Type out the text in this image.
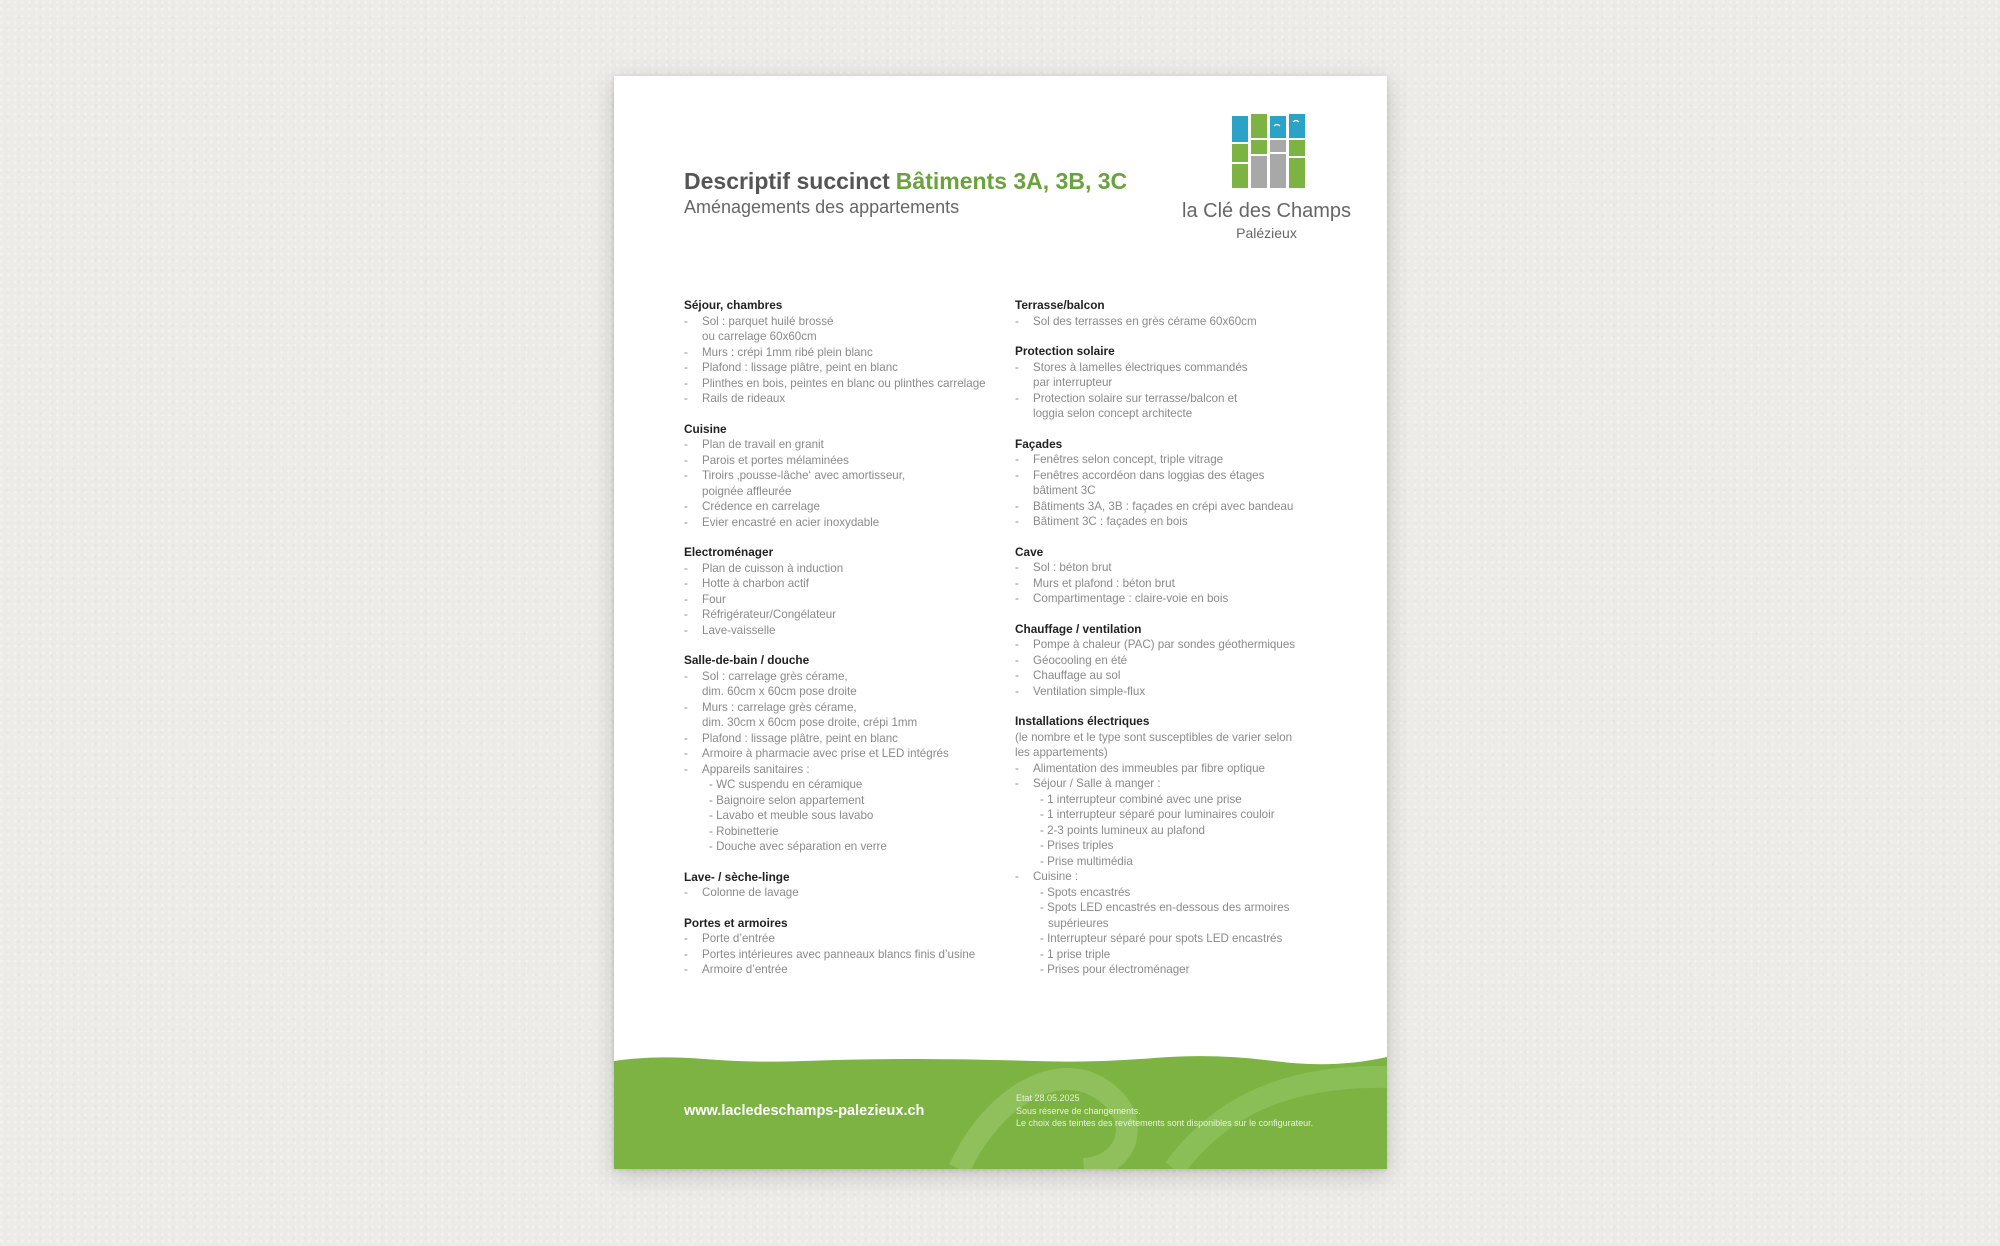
Descriptif succinct Bâtiments 3A, 3B, 3C
Aménagements des appartements	la Clé des Champs
Palézieux
Séjour, chambres
- Sol : parquet huilé brossé
ou carrelage 60x60cm
- Murs : crépi 1mm ribé plein blanc
- Plafond : lissage plâtre, peint en blanc
- Plinthes en bois, peintes en blanc ou plinthes carrelage
- Rails de rideaux
Cuisine
- Plan de travail en granit
- Parois et portes mélaminées
- Tiroirs ‚pousse-lâche‘ avec amortisseur,
poignée affleurée
- Crédence en carrelage
- Evier encastré en acier inoxydable
Electroménager
- Plan de cuisson à induction
- Hotte à charbon actif
- Four
- Réfrigérateur/Congélateur
- Lave-vaisselle
Salle-de-bain / douche
- Sol : carrelage grès cérame,
dim. 60cm x 60cm pose droite
- Murs : carrelage grès cérame,
dim. 30cm x 60cm pose droite, crépi 1mm
- Plafond : lissage plâtre, peint en blanc
- Armoire à pharmacie avec prise et LED intégrés
- Appareils sanitaires :
- WC suspendu en céramique
- Baignoire selon appartement
- Lavabo et meuble sous lavabo
- Robinetterie
- Douche avec séparation en verre
Lave- / sèche-linge
- Colonne de lavage
Portes et armoires
- Porte d’entrée
- Portes intérieures avec panneaux blancs finis d’usine
- Armoire d’entrée
Terrasse/balcon
- Sol des terrasses en grès cérame 60x60cm
Protection solaire
- Stores à lamelles électriques commandés
par interrupteur
- Protection solaire sur terrasse/balcon et
loggia selon concept architecte
Façades
- Fenêtres selon concept, triple vitrage
- Fenêtres accordéon dans loggias des étages
bâtiment 3C
- Bâtiments 3A, 3B : façades en crépi avec bandeau
- Bâtiment 3C : façades en bois
Cave
- Sol : béton brut
- Murs et plafond : béton brut
- Compartimentage : claire-voie en bois
Chauffage / ventilation
- Pompe à chaleur (PAC) par sondes géothermiques
- Géocooling en été
- Chauffage au sol
- Ventilation simple-flux
Installations électriques
(le nombre et le type sont susceptibles de varier selon
les appartements)
- Alimentation des immeubles par fibre optique
- Séjour / Salle à manger :
- 1 interrupteur combiné avec une prise
- 1 interrupteur séparé pour luminaires couloir
- 2-3 points lumineux au plafond
- Prises triples
- Prise multimédia
- Cuisine :
- Spots encastrés
- Spots LED encastrés en-dessous des armoires
supérieures
- Interrupteur séparé pour spots LED encastrés
- 1 prise triple
- Prises pour électroménager
www.lacledeschamps-palezieux.ch
Etat 28.05.2025
Sous réserve de changements.
Le choix des teintes des revêtements sont disponibles sur le configurateur.
